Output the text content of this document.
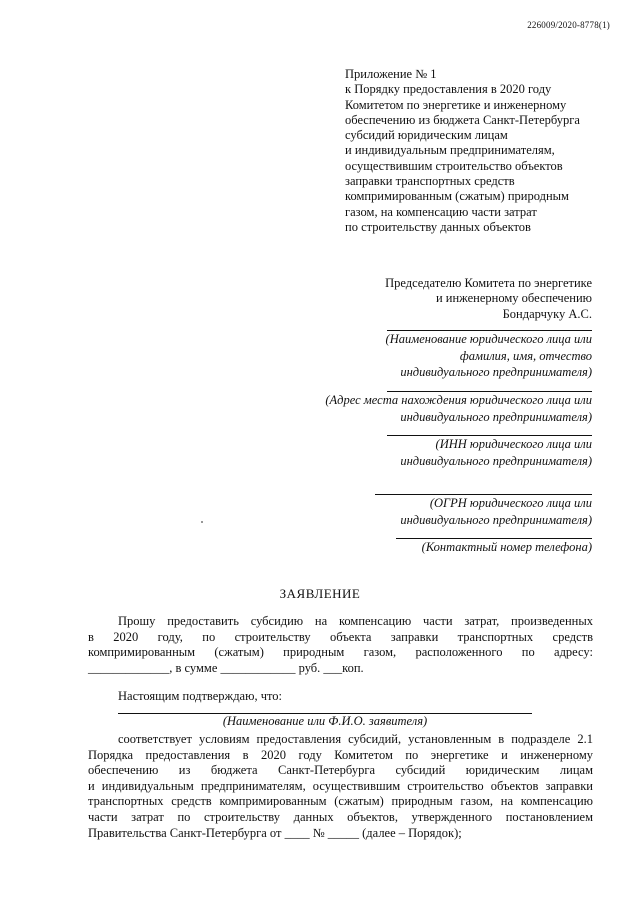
226009/2020-8778(1)
Приложение № 1
к Порядку предоставления в 2020 году
Комитетом по энергетике и инженерному
обеспечению из бюджета Санкт-Петербурга
субсидий юридическим лицам
и индивидуальным предпринимателям,
осуществившим строительство объектов
заправки транспортных средств
компримированным (сжатым) природным
газом, на компенсацию части затрат
по строительству данных объектов
Председателю Комитета по энергетике
и инженерному обеспечению
Бондарчуку А.С.
(Наименование юридического лица или
фамилия, имя, отчество
индивидуального предпринимателя)
(Адрес места нахождения юридического лица или
индивидуального предпринимателя)
(ИНН юридического лица или
индивидуального предпринимателя)
(ОГРН юридического лица или
индивидуального предпринимателя)
(Контактный номер телефона)
ЗАЯВЛЕНИЕ
Прошу предоставить субсидию на компенсацию части затрат, произведенных
в 2020 году, по строительству объекта заправки транспортных средств
компримированным (сжатым) природным газом, расположенного по адресу:
_____________, в сумме ____________ руб. ___коп.
Настоящим подтверждаю, что:
(Наименование или Ф.И.О. заявителя)
соответствует условиям предоставления субсидий, установленным в подразделе 2.1
Порядка предоставления в 2020 году Комитетом по энергетике и инженерному
обеспечению из бюджета Санкт-Петербурга субсидий юридическим лицам
и индивидуальным предпринимателям, осуществившим строительство объектов заправки
транспортных средств компримированным (сжатым) природным газом, на компенсацию
части затрат по строительству данных объектов, утвержденного постановлением
Правительства Санкт-Петербурга от ____ № _____ (далее – Порядок);
